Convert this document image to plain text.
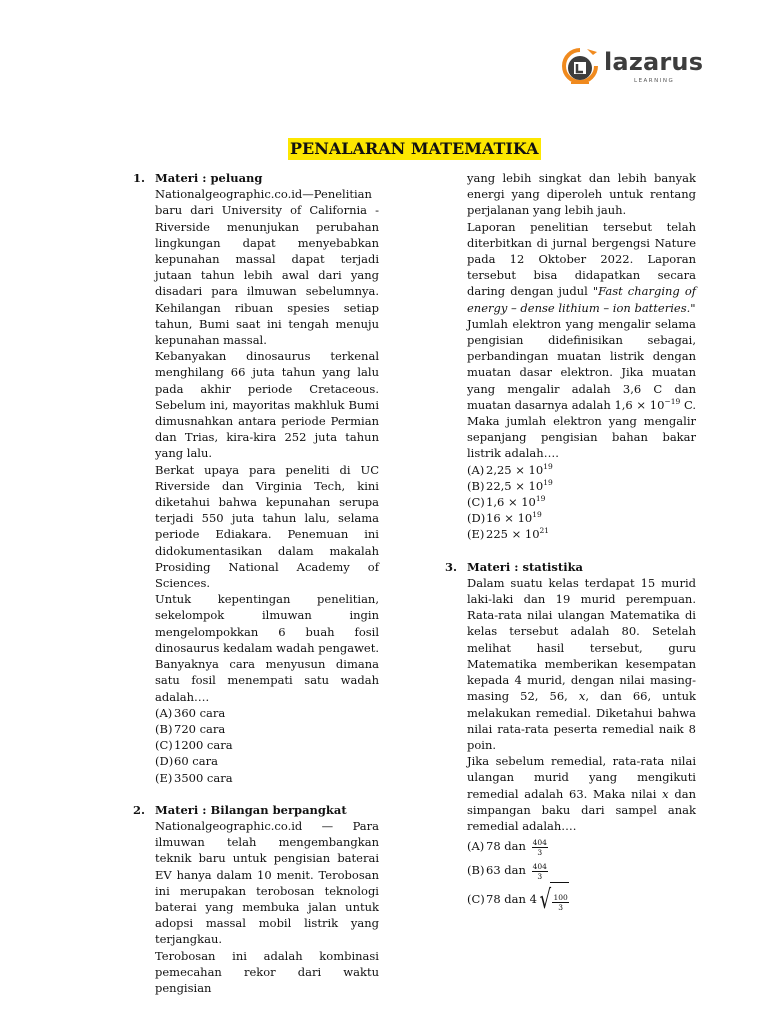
lazarus
LEARNING
PENALARAN MATEMATIKA
1. Materi : peluang

Nationalgeographic.co.id—Penelitian baru dari University of California - Riverside menunjukan perubahan lingkungan dapat menyebabkan kepunahan massal dapat terjadi jutaan tahun lebih awal dari yang disadari para ilmuwan sebelumnya. Kehilangan ribuan spesies setiap tahun, Bumi saat ini tengah menuju kepunahan massal.

Kebanyakan dinosaurus terkenal menghilang 66 juta tahun yang lalu pada akhir periode Cretaceous. Sebelum ini, mayoritas makhluk Bumi dimusnahkan antara periode Permian dan Trias, kira-kira 252 juta tahun yang lalu.

Berkat upaya para peneliti di UC Riverside dan Virginia Tech, kini diketahui bahwa kepunahan serupa terjadi 550 juta tahun lalu, selama periode Ediakara. Penemuan ini didokumentasikan dalam makalah Prosiding National Academy of Sciences.

Untuk kepentingan penelitian, sekelompok ilmuwan ingin mengelompokkan 6 buah fosil dinosaurus kedalam wadah pengawet. Banyaknya cara menyusun dimana satu fosil menempati satu wadah adalah….

(A) 360 cara
(B) 720 cara
(C) 1200 cara
(D) 60 cara
(E) 3500 cara
2. Materi : Bilangan berpangkat

Nationalgeographic.co.id — Para ilmuwan telah mengembangkan teknik baru untuk pengisian baterai EV hanya dalam 10 menit. Terobosan ini merupakan terobosan teknologi baterai yang membuka jalan untuk adopsi massal mobil listrik yang terjangkau.

Terobosan ini adalah kombinasi pemecahan rekor dari waktu pengisian

yang lebih singkat dan lebih banyak energi yang diperoleh untuk rentang perjalanan yang lebih jauh.

Laporan penelitian tersebut telah diterbitkan di jurnal bergengsi Nature pada 12 Oktober 2022. Laporan tersebut bisa didapatkan secara daring dengan judul "Fast charging of energy – dense lithium – ion batteries."

Jumlah elektron yang mengalir selama pengisian didefinisikan sebagai, perbandingan muatan listrik dengan muatan dasar elektron. Jika muatan yang mengalir adalah 3,6 C dan muatan dasarnya adalah $1,6 \times 10^{-19}$ C. Maka jumlah elektron yang mengalir sepanjang pengisian bahan bakar listrik adalah….

(A) $2,25 \times 10^{19}$
(B) $22,5 \times 10^{19}$
(C) $1,6 \times 10^{19}$
(D) $16 \times 10^{19}$
(E) $225 \times 10^{21}$
3. Materi : statistika

Dalam suatu kelas terdapat 15 murid laki-laki dan 19 murid perempuan. Rata-rata nilai ulangan Matematika di kelas tersebut adalah 80. Setelah melihat hasil tersebut, guru Matematika memberikan kesempatan kepada 4 murid, dengan nilai masing-masing 52, 56, x, dan 66, untuk melakukan remedial. Diketahui bahwa nilai rata-rata peserta remedial naik 8 poin.

Jika sebelum remedial, rata-rata nilai ulangan murid yang mengikuti remedial adalah 63. Maka nilai x dan simpangan baku dari sampel anak remedial adalah….

(A) 78 dan $\frac{404}{3}$
(B) 63 dan $\frac{404}{3}$
(C) 78 dan 4 √ $\frac{100}{3}$
